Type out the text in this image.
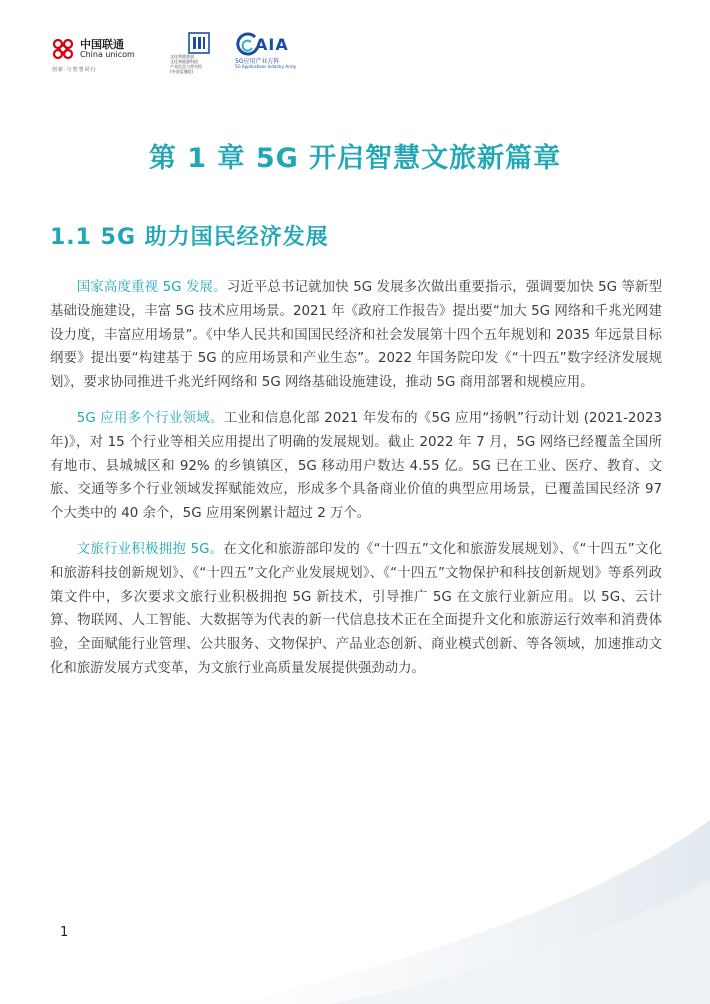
中国联通
China unicom
创新·与智慧同行
文化和旅游部
文化和旅游科技
产业信息与图书馆
(中国信通院)
AIA
5G应用产业方阵
5G Applications Industry Array
第 1 章 5G 开启智慧文旅新篇章
1.1 5G 助力国民经济发展

国家高度重视 5G 发展。习近平总书记就加快 5G 发展多次做出重要指示，强调要加快 5G 等新型基础设施建设，丰富 5G 技术应用场景。2021 年《政府工作报告》提出要“加大 5G 网络和千兆光网建设力度，丰富应用场景”。《中华人民共和国国民经济和社会发展第十四个五年规划和 2035 年远景目标纲要》提出要“构建基于 5G 的应用场景和产业生态”。2022 年国务院印发《“十四五”数字经济发展规划》，要求协同推进千兆光纤网络和 5G 网络基础设施建设，推动 5G 商用部署和规模应用。

5G 应用多个行业领域。工业和信息化部 2021 年发布的《5G 应用“扬帆”行动计划 (2021-2023 年)》，对 15 个行业等相关应用提出了明确的发展规划。截止 2022 年 7 月，5G 网络已经覆盖全国所有地市、县城城区和 92% 的乡镇镇区，5G 移动用户数达 4.55 亿。5G 已在工业、医疗、教育、文旅、交通等多个行业领域发挥赋能效应，形成多个具备商业价值的典型应用场景，已覆盖国民经济 97 个大类中的 40 余个，5G 应用案例累计超过 2 万个。

文旅行业积极拥抱 5G。在文化和旅游部印发的《“十四五”文化和旅游发展规划》、《“十四五”文化和旅游科技创新规划》、《“十四五”文化产业发展规划》、《“十四五”文物保护和科技创新规划》等系列政策文件中，多次要求文旅行业积极拥抱 5G 新技术，引导推广 5G 在文旅行业新应用。以 5G、云计算、物联网、人工智能、大数据等为代表的新一代信息技术正在全面提升文化和旅游运行效率和消费体验，全面赋能行业管理、公共服务、文物保护、产品业态创新、商业模式创新、等各领域，加速推动文化和旅游发展方式变革，为文旅行业高质量发展提供强劲动力。

1
